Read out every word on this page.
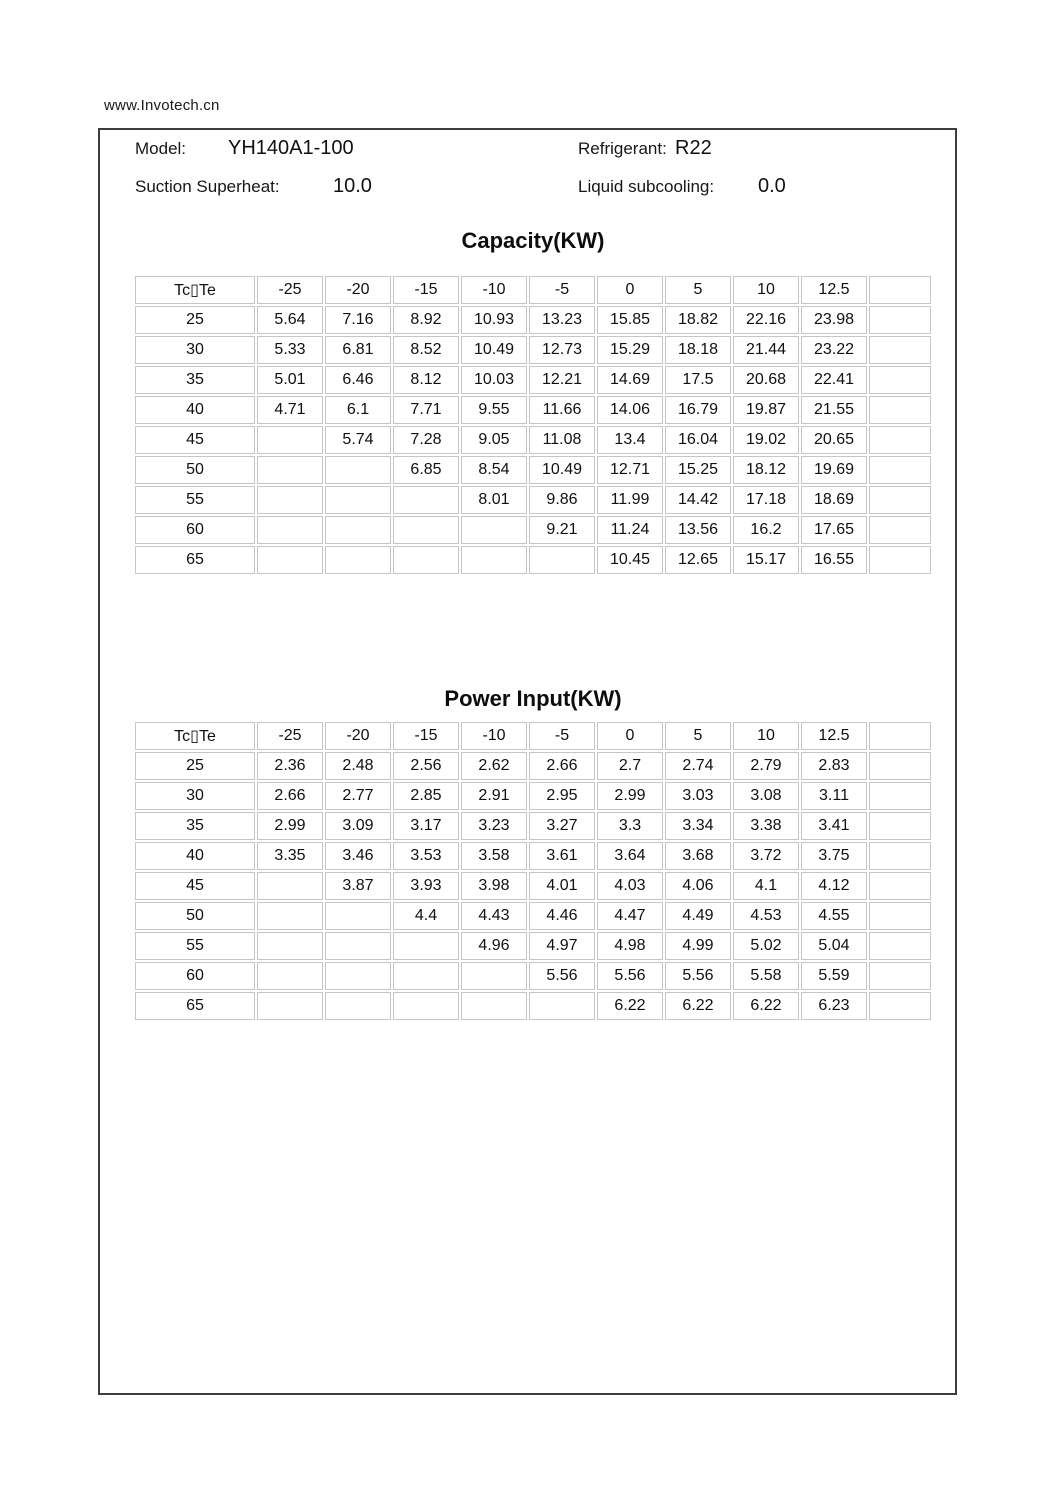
www.Invotech.cn
Model: YH140A1-100	Refrigerant: R22
Suction Superheat:	10.0	Liquid subcooling: 0.0
Capacity(KW)
Tc▯Te	-25	-20	-15	-10	-5	0	5	10	12.5	
25	5.64	7.16	8.92	10.93	13.23	15.85	18.82	22.16	23.98	
30	5.33	6.81	8.52	10.49	12.73	15.29	18.18	21.44	23.22	
35	5.01	6.46	8.12	10.03	12.21	14.69	17.5	20.68	22.41	
40	4.71	6.1	7.71	9.55	11.66	14.06	16.79	19.87	21.55	
45		5.74	7.28	9.05	11.08	13.4	16.04	19.02	20.65	
50			6.85	8.54	10.49	12.71	15.25	18.12	19.69	
55				8.01	9.86	11.99	14.42	17.18	18.69	
60					9.21	11.24	13.56	16.2	17.65	
65						10.45	12.65	15.17	16.55	
Power Input(KW)
Tc▯Te	-25	-20	-15	-10	-5	0	5	10	12.5	
25	2.36	2.48	2.56	2.62	2.66	2.7	2.74	2.79	2.83	
30	2.66	2.77	2.85	2.91	2.95	2.99	3.03	3.08	3.11	
35	2.99	3.09	3.17	3.23	3.27	3.3	3.34	3.38	3.41	
40	3.35	3.46	3.53	3.58	3.61	3.64	3.68	3.72	3.75	
45		3.87	3.93	3.98	4.01	4.03	4.06	4.1	4.12	
50			4.4	4.43	4.46	4.47	4.49	4.53	4.55	
55				4.96	4.97	4.98	4.99	5.02	5.04	
60					5.56	5.56	5.56	5.58	5.59	
65						6.22	6.22	6.22	6.23	
